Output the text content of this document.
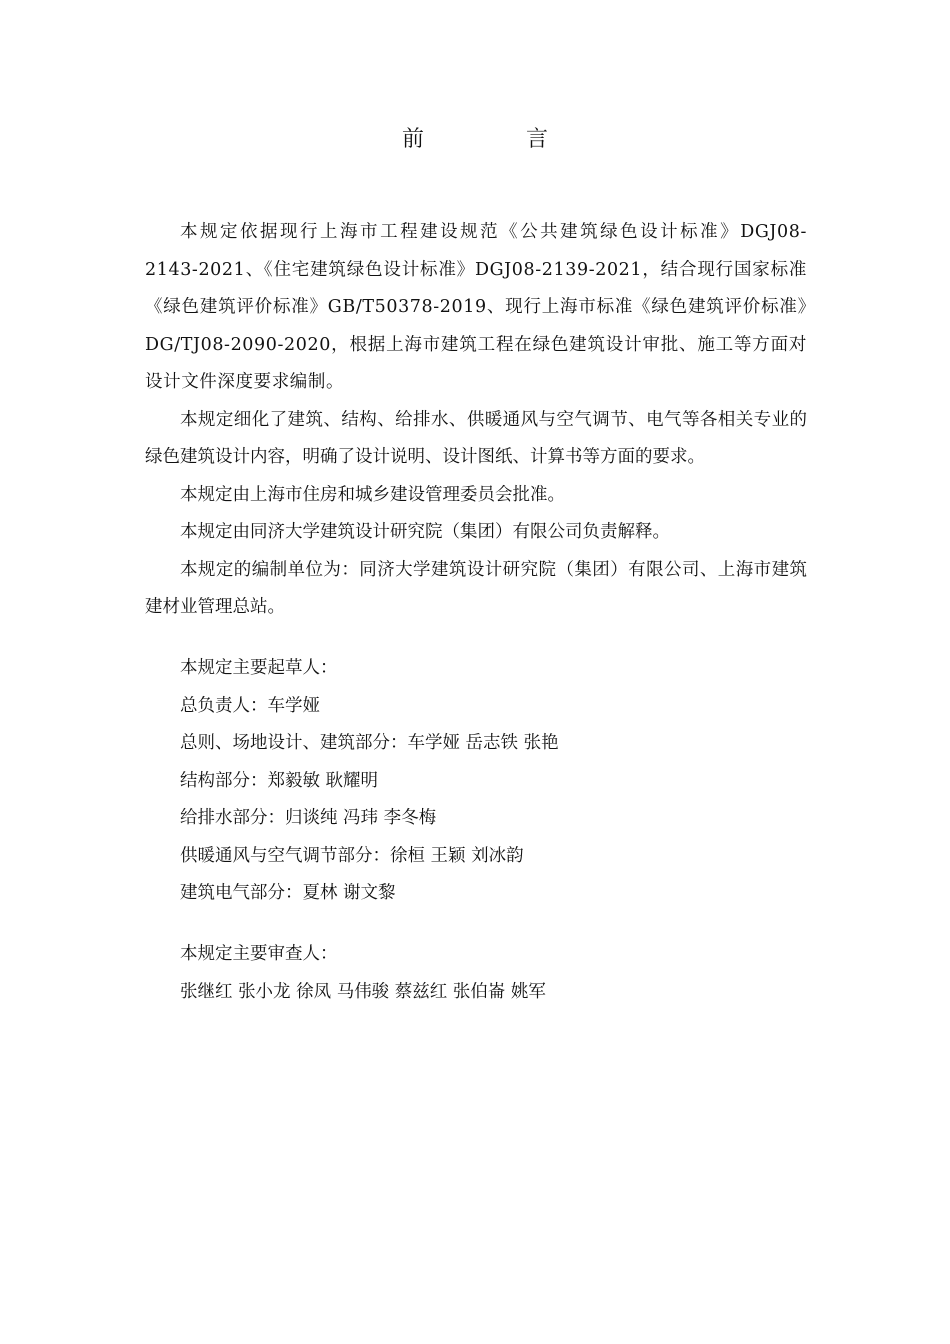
前　言

本规定依据现行上海市工程建设规范《公共建筑绿色设计标准》DGJ08-2143-2021、《住宅建筑绿色设计标准》DGJ08-2139-2021，结合现行国家标准《绿色建筑评价标准》GB/T50378-2019、现行上海市标准《绿色建筑评价标准》DG/TJ08-2090-2020，根据上海市建筑工程在绿色建筑设计审批、施工等方面对设计文件深度要求编制。

本规定细化了建筑、结构、给排水、供暖通风与空气调节、电气等各相关专业的绿色建筑设计内容，明确了设计说明、设计图纸、计算书等方面的要求。

本规定由上海市住房和城乡建设管理委员会批准。

本规定由同济大学建筑设计研究院（集团）有限公司负责解释。

本规定的编制单位为：同济大学建筑设计研究院（集团）有限公司、上海市建筑建材业管理总站。

本规定主要起草人：

总负责人：车学娅

总则、场地设计、建筑部分：车学娅 岳志铁 张艳

结构部分：郑毅敏 耿耀明

给排水部分：归谈纯 冯玮 李冬梅

供暖通风与空气调节部分：徐桓 王颖 刘冰韵

建筑电气部分：夏林 谢文黎

本规定主要审查人：

张继红 张小龙 徐凤 马伟骏 蔡兹红 张伯崙 姚军
